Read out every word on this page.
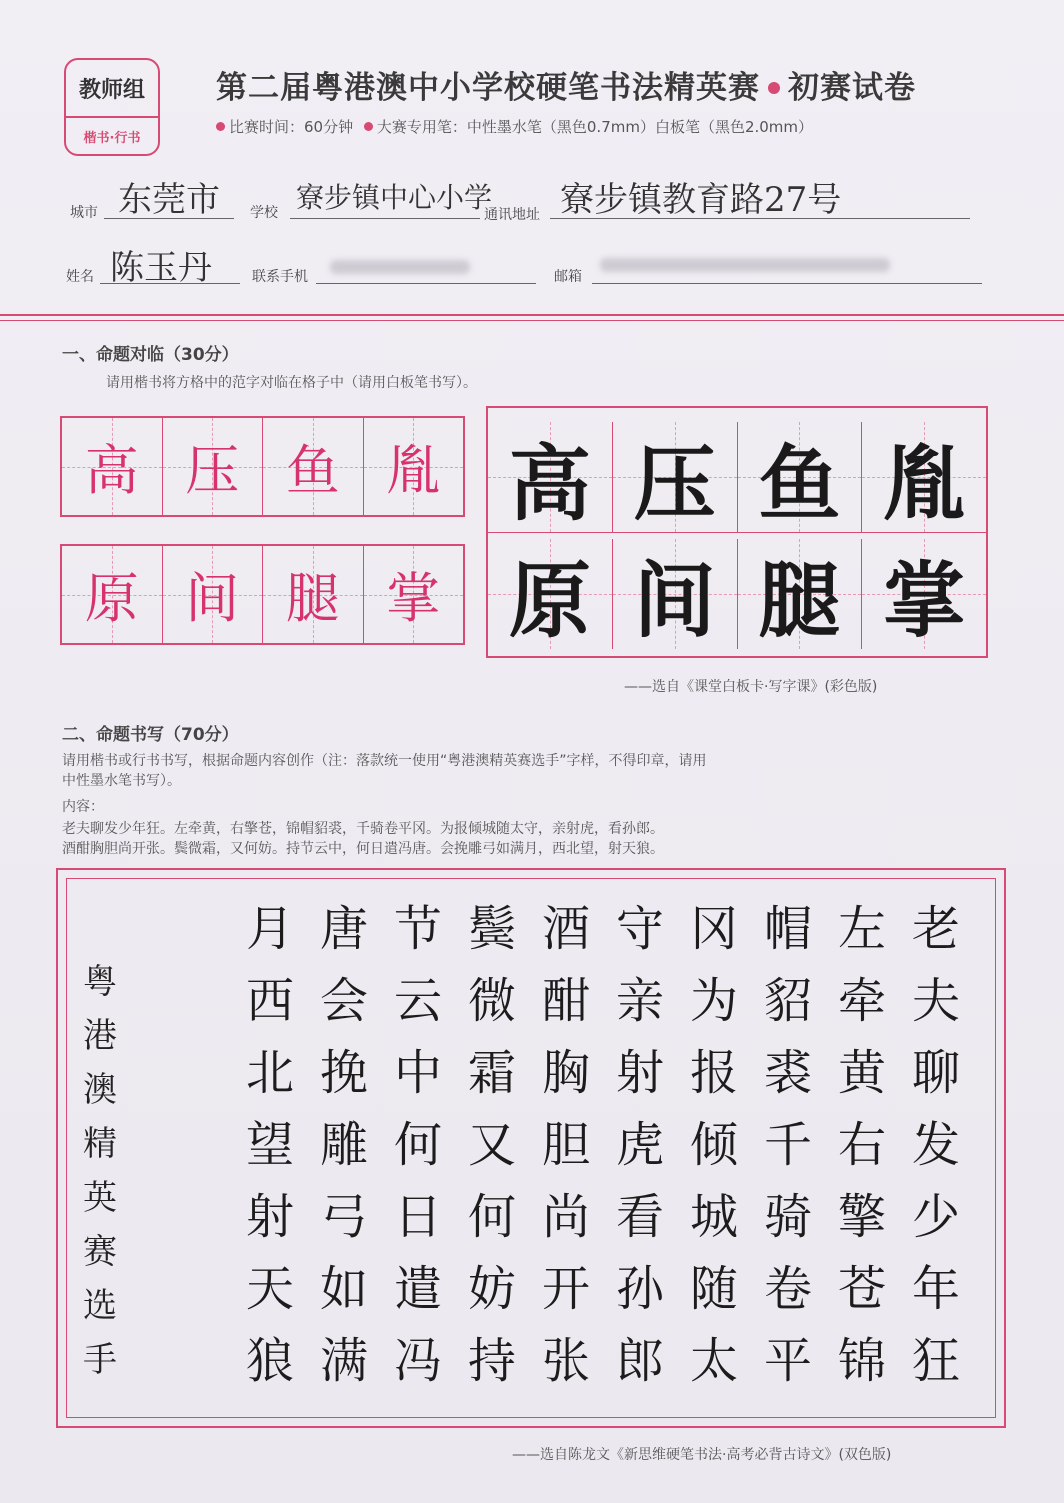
教师组
楷书·行书
第二届粤港澳中小学校硬笔书法精英赛 初赛试卷
比赛时间：60分钟 大赛专用笔：中性墨水笔（黑色0.7mm）白板笔（黑色2.0mm）
城市 东莞市 学校 寮步镇中心小学
通讯地址 寮步镇教育路27号
姓名 陈玉丹	联系手机	邮箱
一、命题对临（30分）
请用楷书将方格中的范字对临在格子中（请用白板笔书写）。
高 压 鱼 胤
原 间 腿 掌
高 压 鱼 胤
原 间 腿 掌
——选自《课堂白板卡·写字课》(彩色版)
二、命题书写（70分）
请用楷书或行书书写，根据命题内容创作（注：落款统一使用“粤港澳精英赛选手”字样，不得印章，请用
中性墨水笔书写）。
内容：
老夫聊发少年狂。左牵黄，右擎苍，锦帽貂裘，千骑卷平冈。为报倾城随太守，亲射虎，看孙郎。
酒酣胸胆尚开张。鬓微霜，又何妨。持节云中，何日遣冯唐。会挽雕弓如满月，西北望，射天狼。
粤
港
澳
精
英
赛
选
手
老
夫
聊
发
少
年
狂
左
牵
黄
右
擎
苍
锦
帽
貂
裘
千
骑
卷
平
冈
为
报
倾
城
随
太
守
亲
射
虎
看
孙
郎
酒
酣
胸
胆
尚
开
张
鬓
微
霜
又
何
妨
持
节
云
中
何
日
遣
冯
唐
会
挽
雕
弓
如
满
月
西
北
望
射
天
狼
——选自陈龙文《新思维硬笔书法·高考必背古诗文》(双色版)
